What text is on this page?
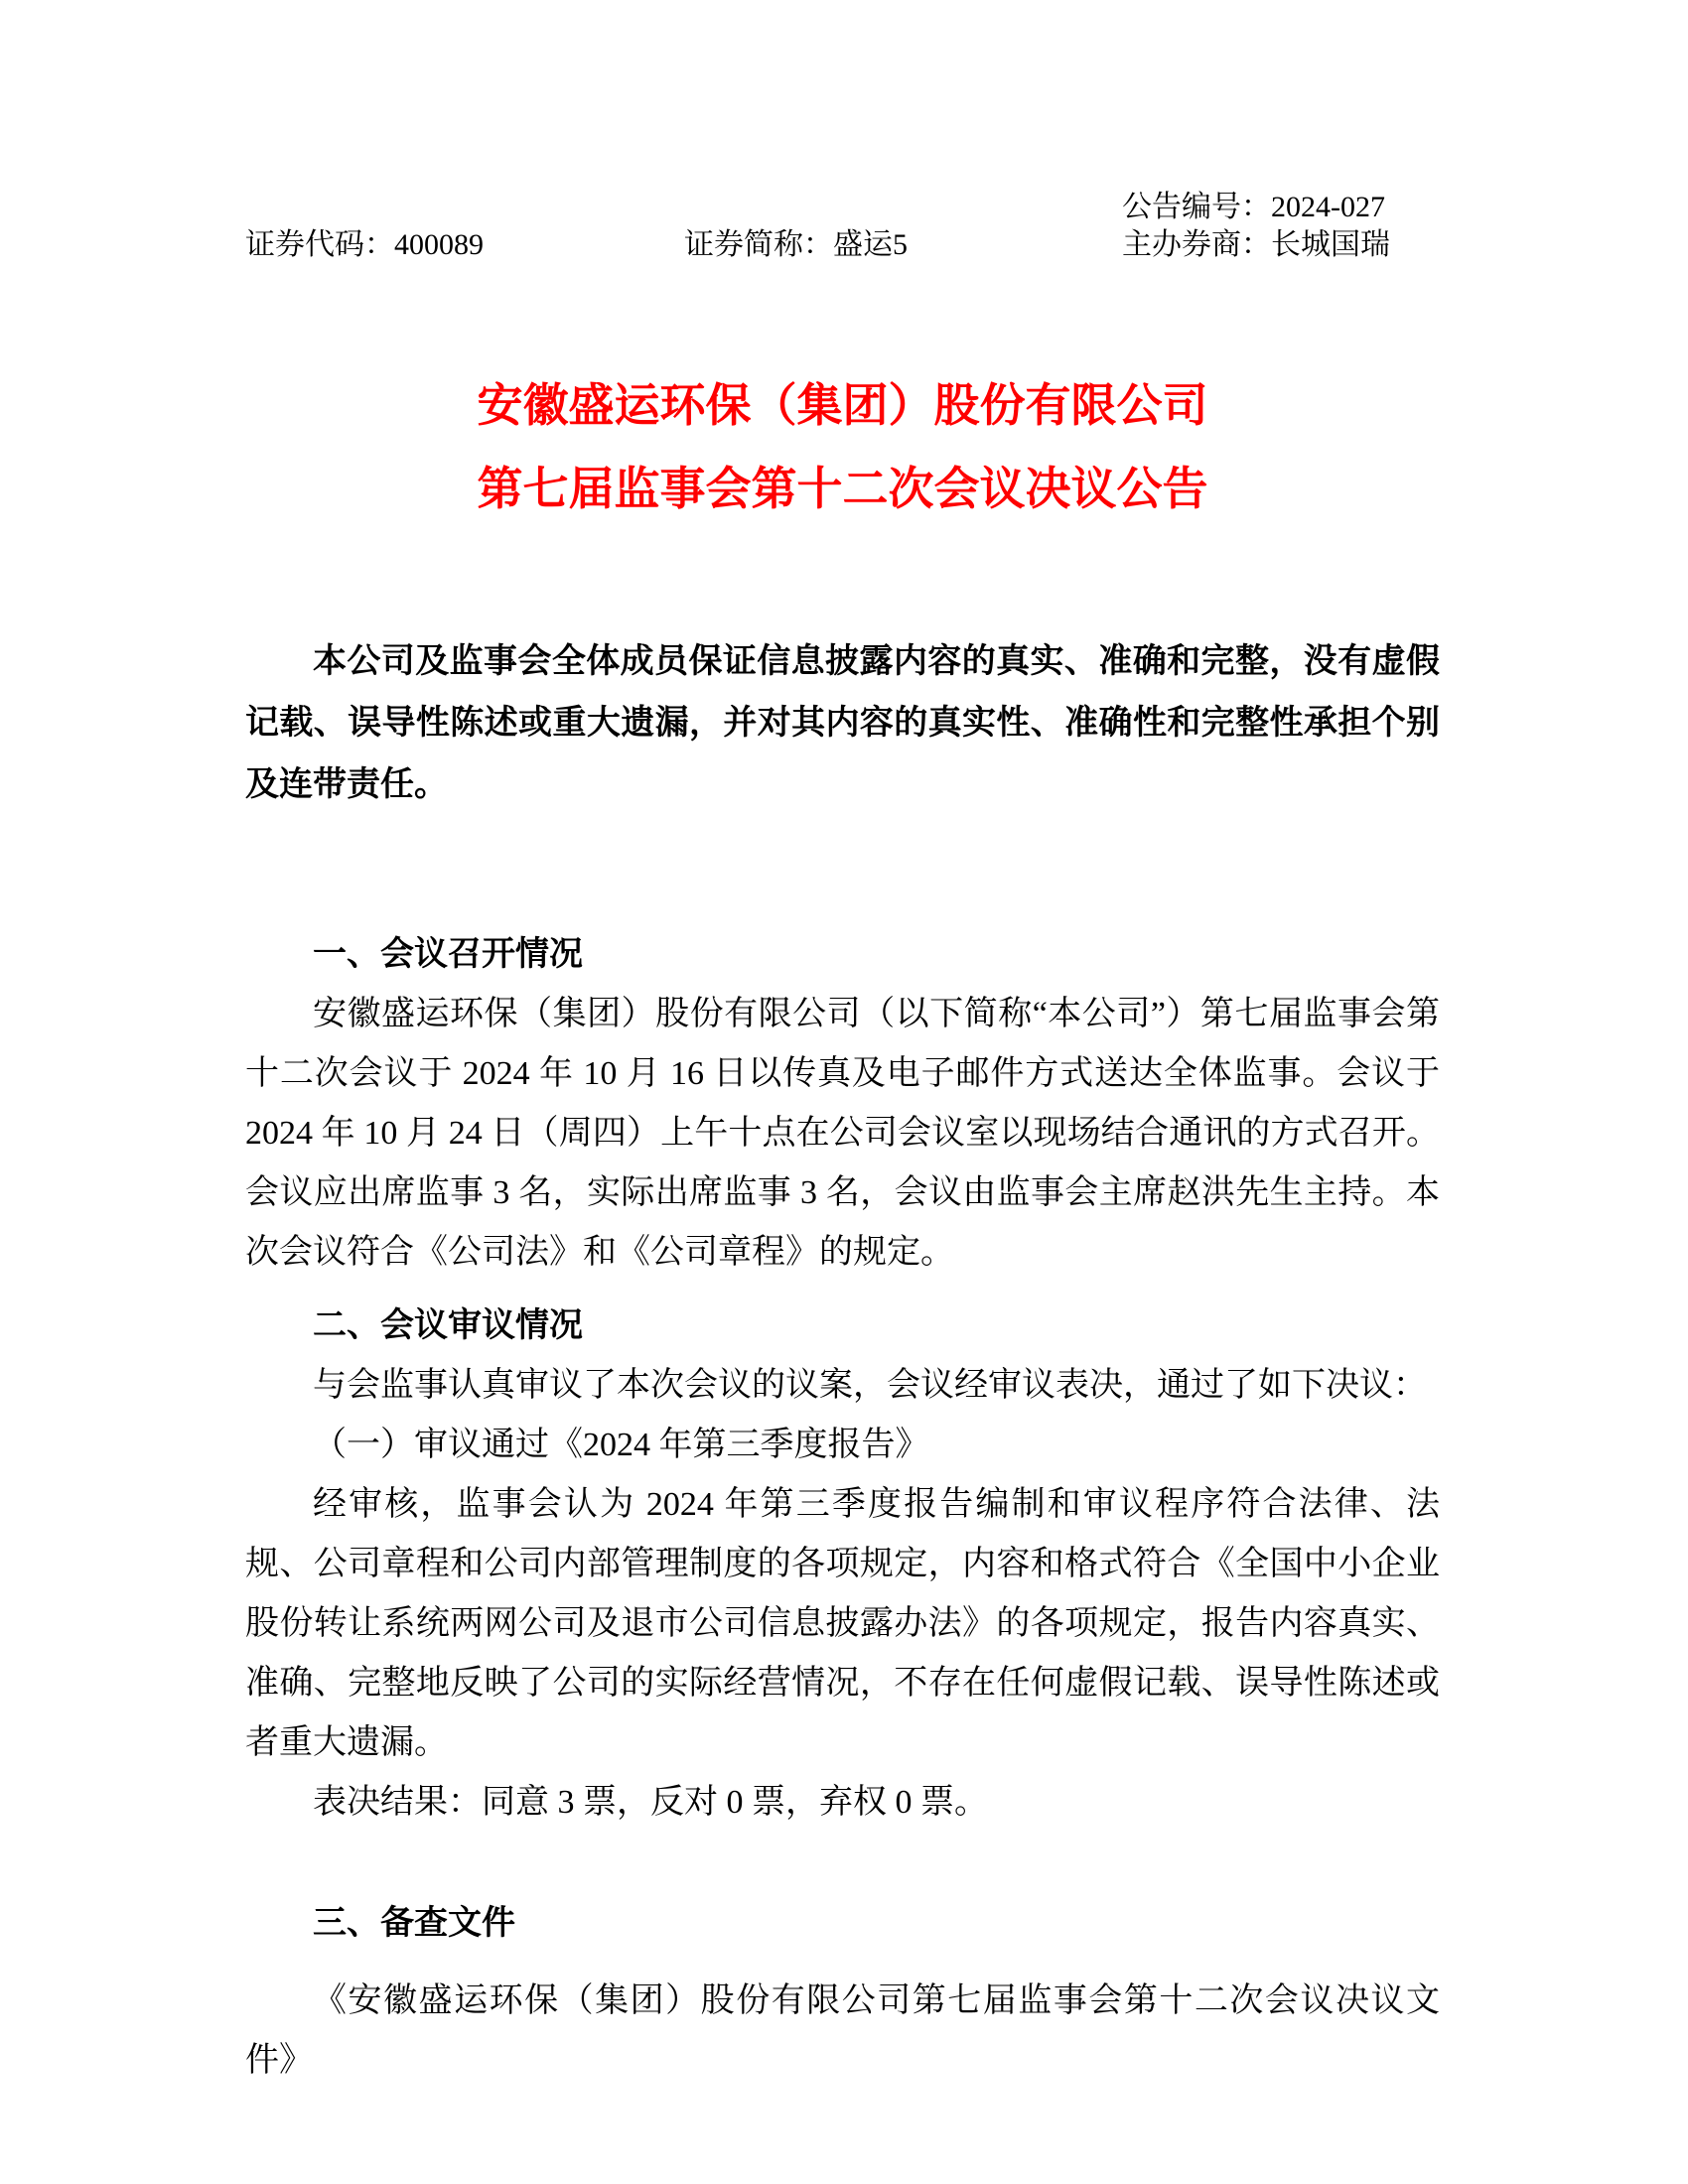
证券代码：400089	证券简称：盛运5
公告编号：2024-027
主办券商：长城国瑞
安徽盛运环保（集团）股份有限公司
第七届监事会第十二次会议决议公告

本公司及监事会全体成员保证信息披露内容的真实、准确和完整，没有虚假记载、误导性陈述或重大遗漏，并对其内容的真实性、准确性和完整性承担个别及连带责任。

一、会议召开情况

安徽盛运环保（集团）股份有限公司（以下简称“本公司”）第七届监事会第十二次会议于 2024 年 10 月 16 日以传真及电子邮件方式送达全体监事。会议于 2024 年 10 月 24 日（周四）上午十点在公司会议室以现场结合通讯的方式召开。会议应出席监事 3 名，实际出席监事 3 名，会议由监事会主席赵洪先生主持。本次会议符合《公司法》和《公司章程》的规定。

二、会议审议情况

与会监事认真审议了本次会议的议案，会议经审议表决，通过了如下决议：

（一）审议通过《2024 年第三季度报告》

经审核，监事会认为 2024 年第三季度报告编制和审议程序符合法律、法规、公司章程和公司内部管理制度的各项规定，内容和格式符合《全国中小企业股份转让系统两网公司及退市公司信息披露办法》的各项规定，报告内容真实、准确、完整地反映了公司的实际经营情况，不存在任何虚假记载、误导性陈述或者重大遗漏。

表决结果：同意 3 票，反对 0 票，弃权 0 票。

三、备查文件

《安徽盛运环保（集团）股份有限公司第七届监事会第十二次会议决议文件》
